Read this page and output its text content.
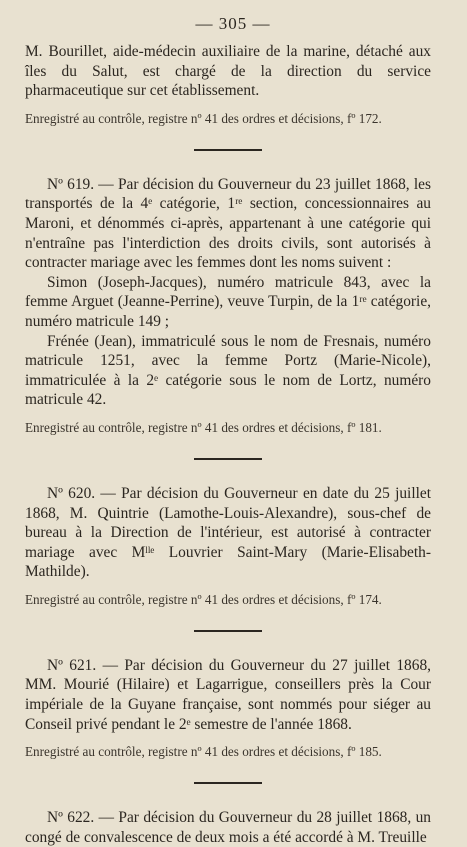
— 305 —

M. Bourillet, aide-médecin auxiliaire de la marine, détaché aux îles du Salut, est chargé de la direction du service pharmaceutique sur cet établissement.

Enregistré au contrôle, registre nº 41 des ordres et décisions, fº 172.

Nº 619. — Par décision du Gouverneur du 23 juillet 1868, les transportés de la 4ᵉ catégorie, 1ʳᵉ section, concessionnaires au Maroni, et dénommés ci-après, appartenant à une catégorie qui n'entraîne pas l'interdiction des droits civils, sont autorisés à contracter mariage avec les femmes dont les noms suivent :

Simon (Joseph-Jacques), numéro matricule 843, avec la femme Arguet (Jeanne-Perrine), veuve Turpin, de la 1ʳᵉ catégorie, numéro matricule 149 ;

Frénée (Jean), immatriculé sous le nom de Fresnais, numéro matricule 1251, avec la femme Portz (Marie-Nicole), immatriculée à la 2ᵉ catégorie sous le nom de Lortz, numéro matricule 42.

Enregistré au contrôle, registre nº 41 des ordres et décisions, fº 181.

Nº 620. — Par décision du Gouverneur en date du 25 juillet 1868, M. Quintrie (Lamothe-Louis-Alexandre), sous-chef de bureau à la Direction de l'intérieur, est autorisé à contracter mariage avec Mˡˡᵉ Louvrier Saint-Mary (Marie-Elisabeth-Mathilde).

Enregistré au contrôle, registre nº 41 des ordres et décisions, fº 174.

Nº 621. — Par décision du Gouverneur du 27 juillet 1868, MM. Mourié (Hilaire) et Lagarrigue, conseillers près la Cour impériale de la Guyane française, sont nommés pour siéger au Conseil privé pendant le 2ᵉ semestre de l'année 1868.

Enregistré au contrôle, registre nº 41 des ordres et décisions, fº 185.

Nº 622. — Par décision du Gouverneur du 28 juillet 1868, un congé de convalescence de deux mois a été accordé à M. Treuille
